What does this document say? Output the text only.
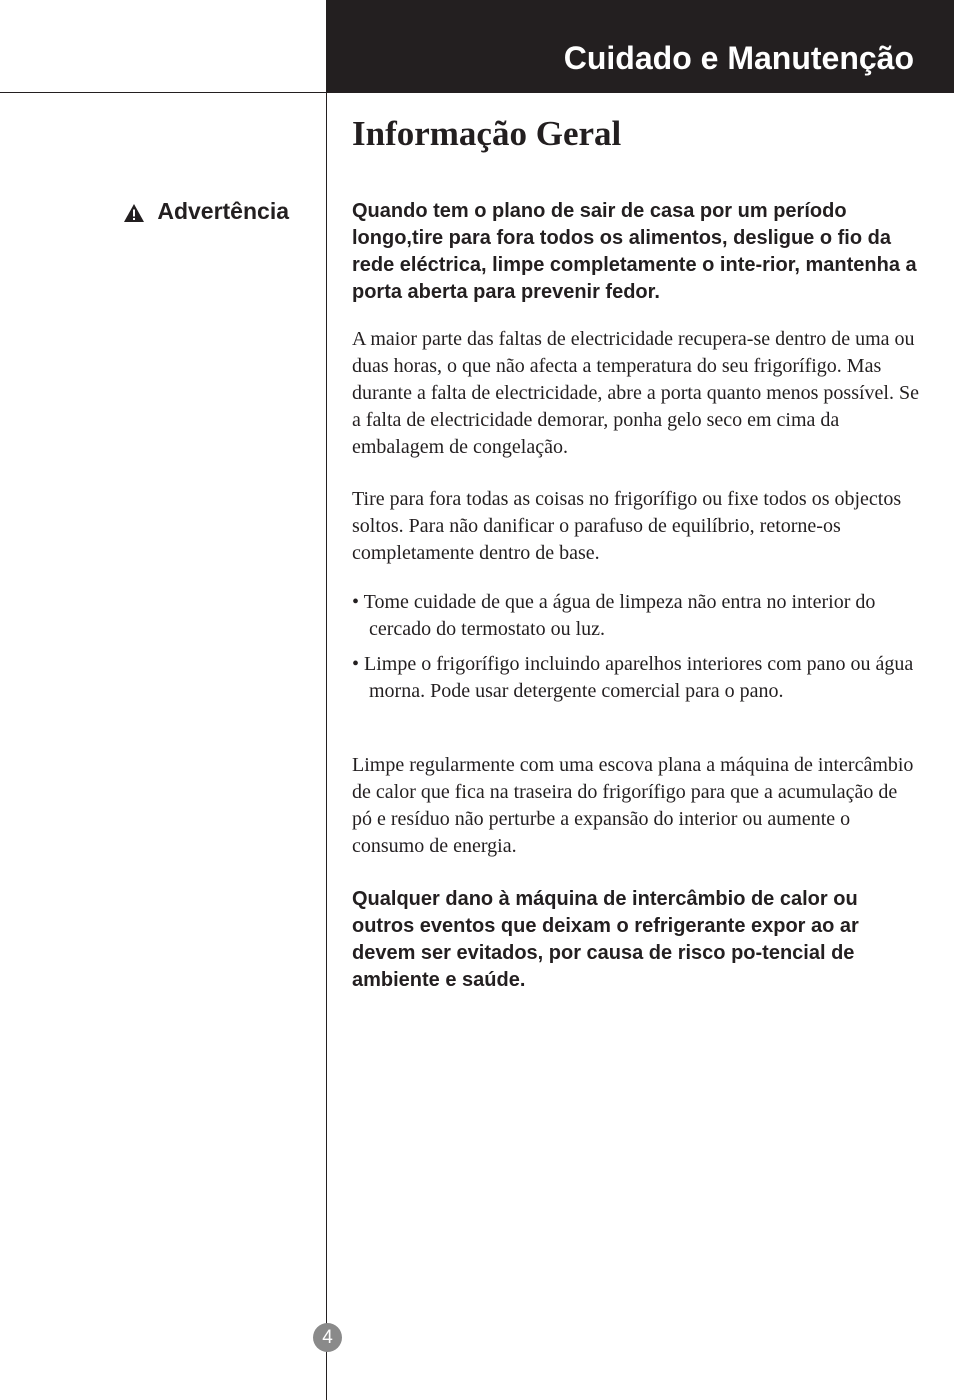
Cuidado e Manutenção
Informação Geral
Advertência	Quando tem o plano de sair de casa por um período longo,tire para fora todos os alimentos, desligue o fio da rede eléctrica, limpe completamente o inte-rior, mantenha a porta aberta para prevenir fedor.

A maior parte das faltas de electricidade recupera-se dentro de uma ou duas horas, o que não afecta a temperatura do seu frigorífigo. Mas durante a falta de electricidade, abre a porta quanto menos possível. Se a falta de electricidade demorar, ponha gelo seco em cima da embalagem de congelação.

Tire para fora todas as coisas no frigorífigo ou fixe todos os objectos soltos. Para não danificar o parafuso de equilíbrio, retorne-os completamente dentro de base.

• Tome cuidade de que a água de limpeza não entra no interior do cercado do termostato ou luz.

• Limpe o frigorífigo incluindo aparelhos interiores com pano ou água morna. Pode usar detergente comercial para o pano.

Limpe regularmente com uma escova plana a máquina de intercâmbio de calor que fica na traseira do frigorífigo para que a acumulação de pó e resíduo não perturbe a expansão do interior ou aumente o consumo de energia.

Qualquer dano à máquina de intercâmbio de calor ou outros eventos que deixam o refrigerante expor ao ar devem ser evitados, por causa de risco po-tencial de ambiente e saúde.

4
